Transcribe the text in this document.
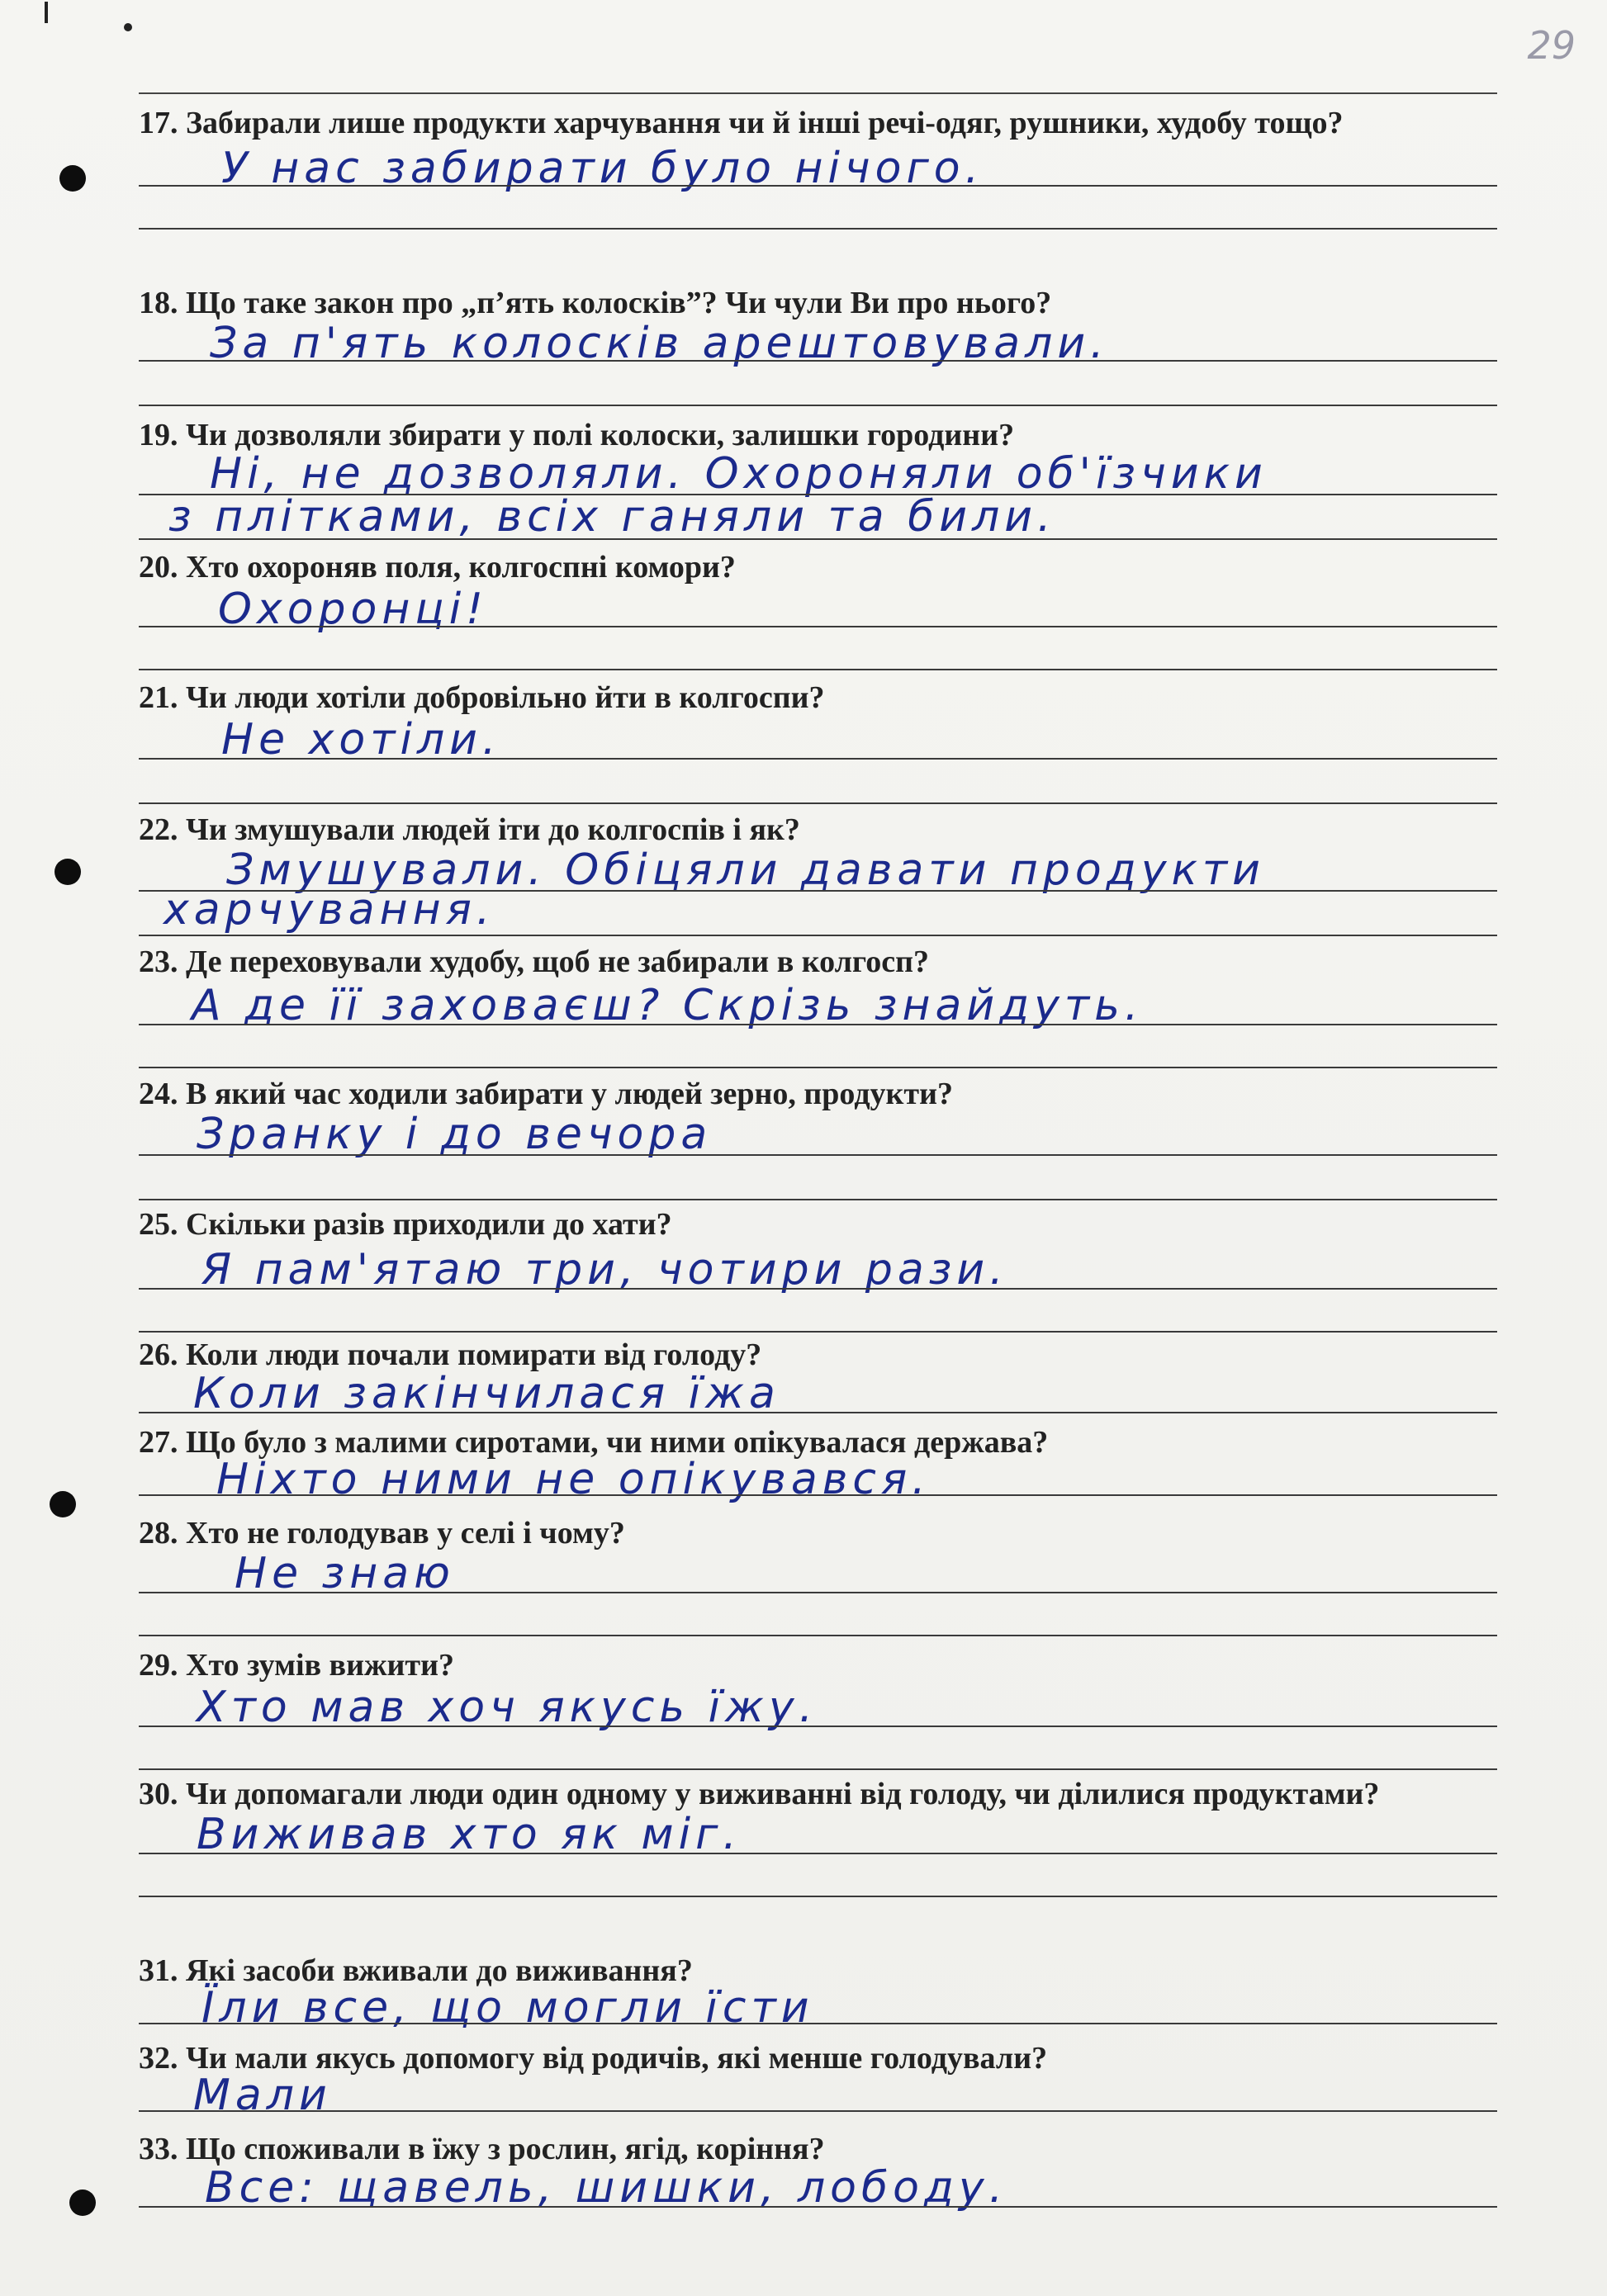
29
17. Забирали лише продукти харчування чи й інші речі-одяг, рушники, худобу тощо?
У нас забирати було нічого.
18. Що таке закон про „п’ять колосків”? Чи чули Ви про нього?
За п'ять колосків арештовували.
19. Чи дозволяли збирати у полі колоски, залишки городини?
Ні, не дозволяли. Охороняли об'їзчики
з плітками, всіх ганяли та били.
20. Хто охороняв поля, колгоспні комори?
Охоронці!
21. Чи люди хотіли добровільно йти в колгоспи?
Не хотіли.
22. Чи змушували людей іти до колгоспів і як?
Змушували. Обіцяли давати продукти
харчування.
23. Де переховували худобу, щоб не забирали в колгосп?
А де її заховаєш? Скрізь знайдуть.
24. В який час ходили забирати у людей зерно, продукти?
Зранку і до вечора
25. Скільки разів приходили до хати?
Я пам'ятаю три, чотири рази.
26. Коли люди почали помирати від голоду?
Коли закінчилася їжа
27. Що було з малими сиротами, чи ними опікувалася держава?
Ніхто ними не опікувався.
28. Хто не голодував у селі і чому?
Не знаю
29. Хто зумів вижити?
Хто мав хоч якусь їжу.
30. Чи допомагали люди один одному у виживанні від голоду, чи ділилися продуктами?
Виживав хто як міг.
31. Які засоби вживали до виживання?
Їли все, що могли їсти
32. Чи мали якусь допомогу від родичів, які менше голодували?
Мали
33. Що споживали в їжу з рослин, ягід, коріння?
Все: щавель, шишки, лободу.
